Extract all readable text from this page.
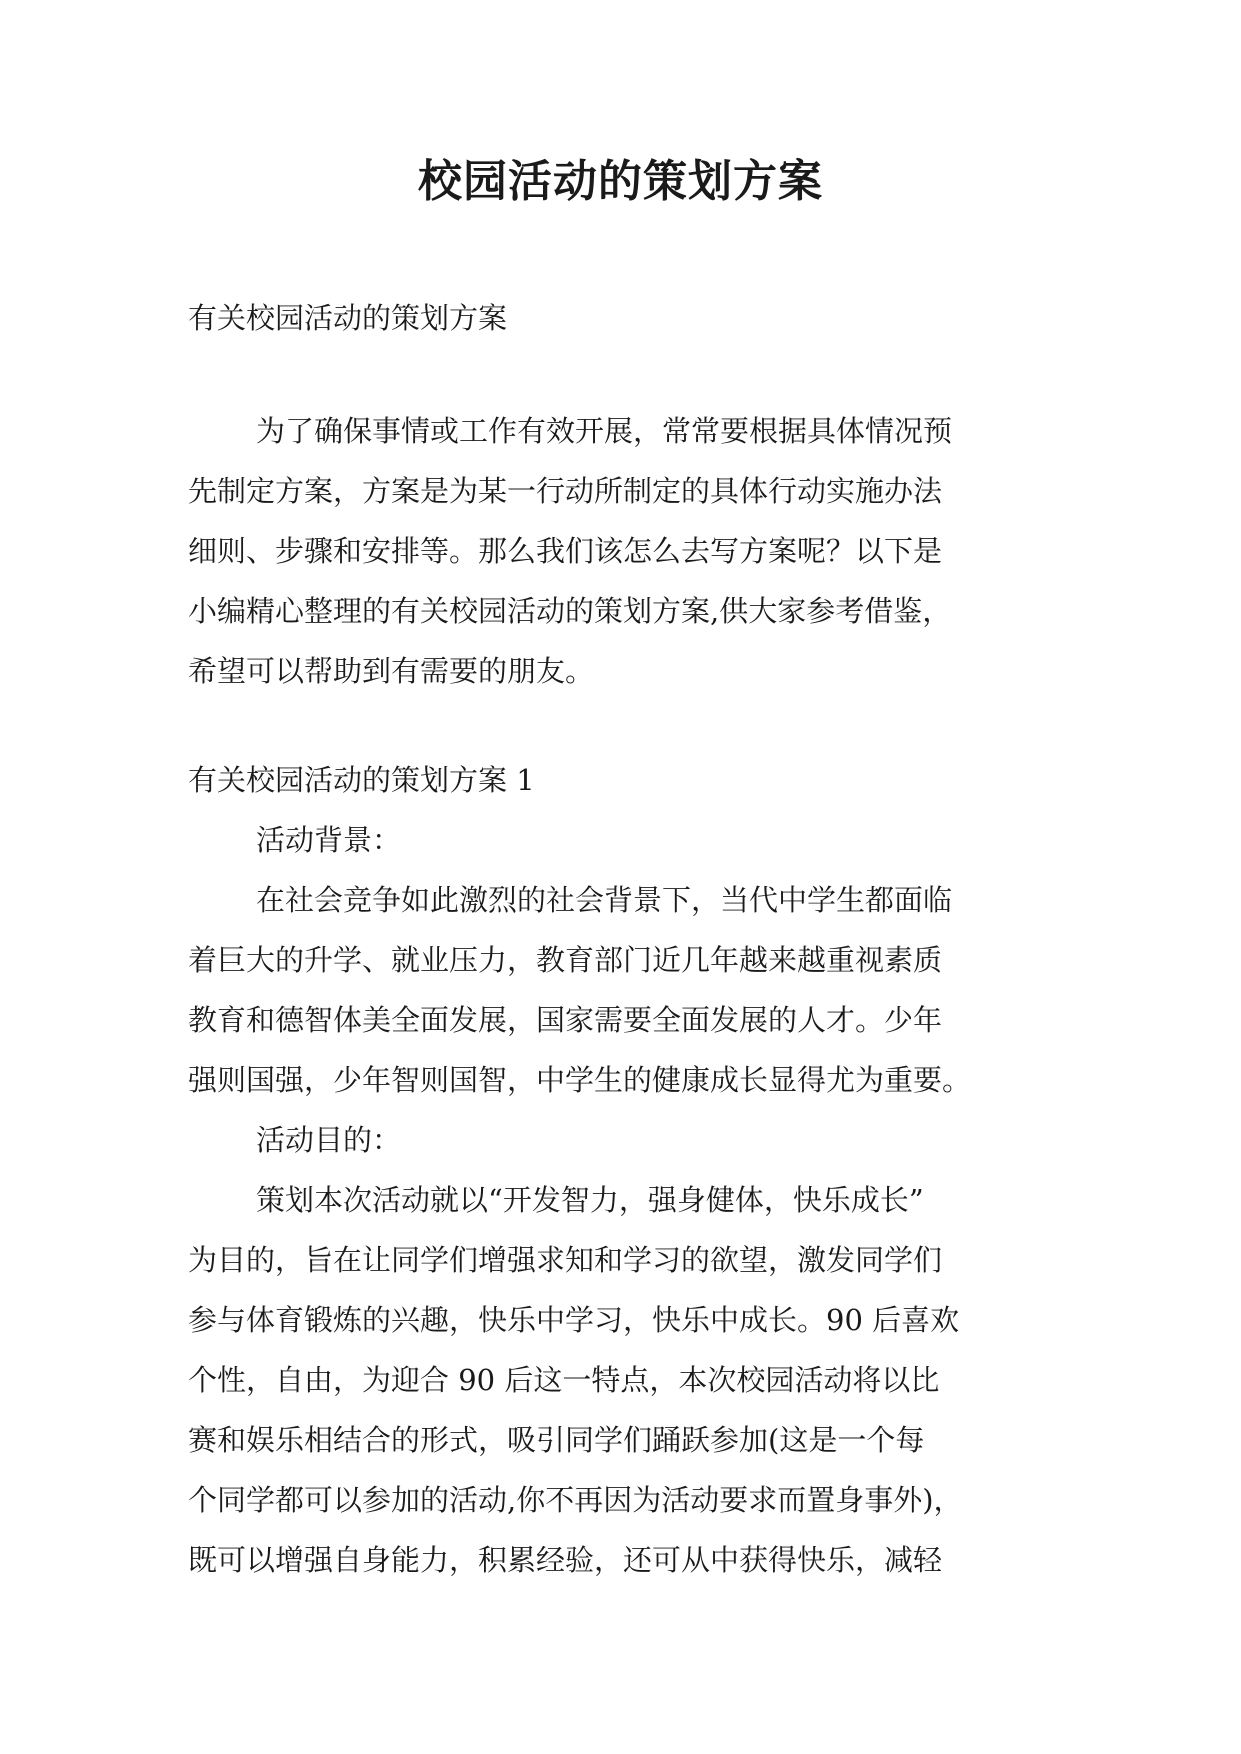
校园活动的策划方案
有关校园活动的策划方案
为了确保事情或工作有效开展，常常要根据具体情况预
先制定方案，方案是为某一行动所制定的具体行动实施办法
细则、步骤和安排等。那么我们该怎么去写方案呢？以下是
小编精心整理的有关校园活动的策划方案,供大家参考借鉴，
希望可以帮助到有需要的朋友。
有关校园活动的策划方案 1
活动背景：
在社会竞争如此激烈的社会背景下，当代中学生都面临
着巨大的升学、就业压力，教育部门近几年越来越重视素质
教育和德智体美全面发展，国家需要全面发展的人才。少年
强则国强，少年智则国智，中学生的健康成长显得尤为重要。
活动目的：
策划本次活动就以“开发智力，强身健体，快乐成长”
为目的，旨在让同学们增强求知和学习的欲望，激发同学们
参与体育锻炼的兴趣，快乐中学习，快乐中成长。90 后喜欢
个性，自由，为迎合 90 后这一特点，本次校园活动将以比
赛和娱乐相结合的形式，吸引同学们踊跃参加(这是一个每
个同学都可以参加的活动,你不再因为活动要求而置身事外)，
既可以增强自身能力，积累经验，还可从中获得快乐，减轻
